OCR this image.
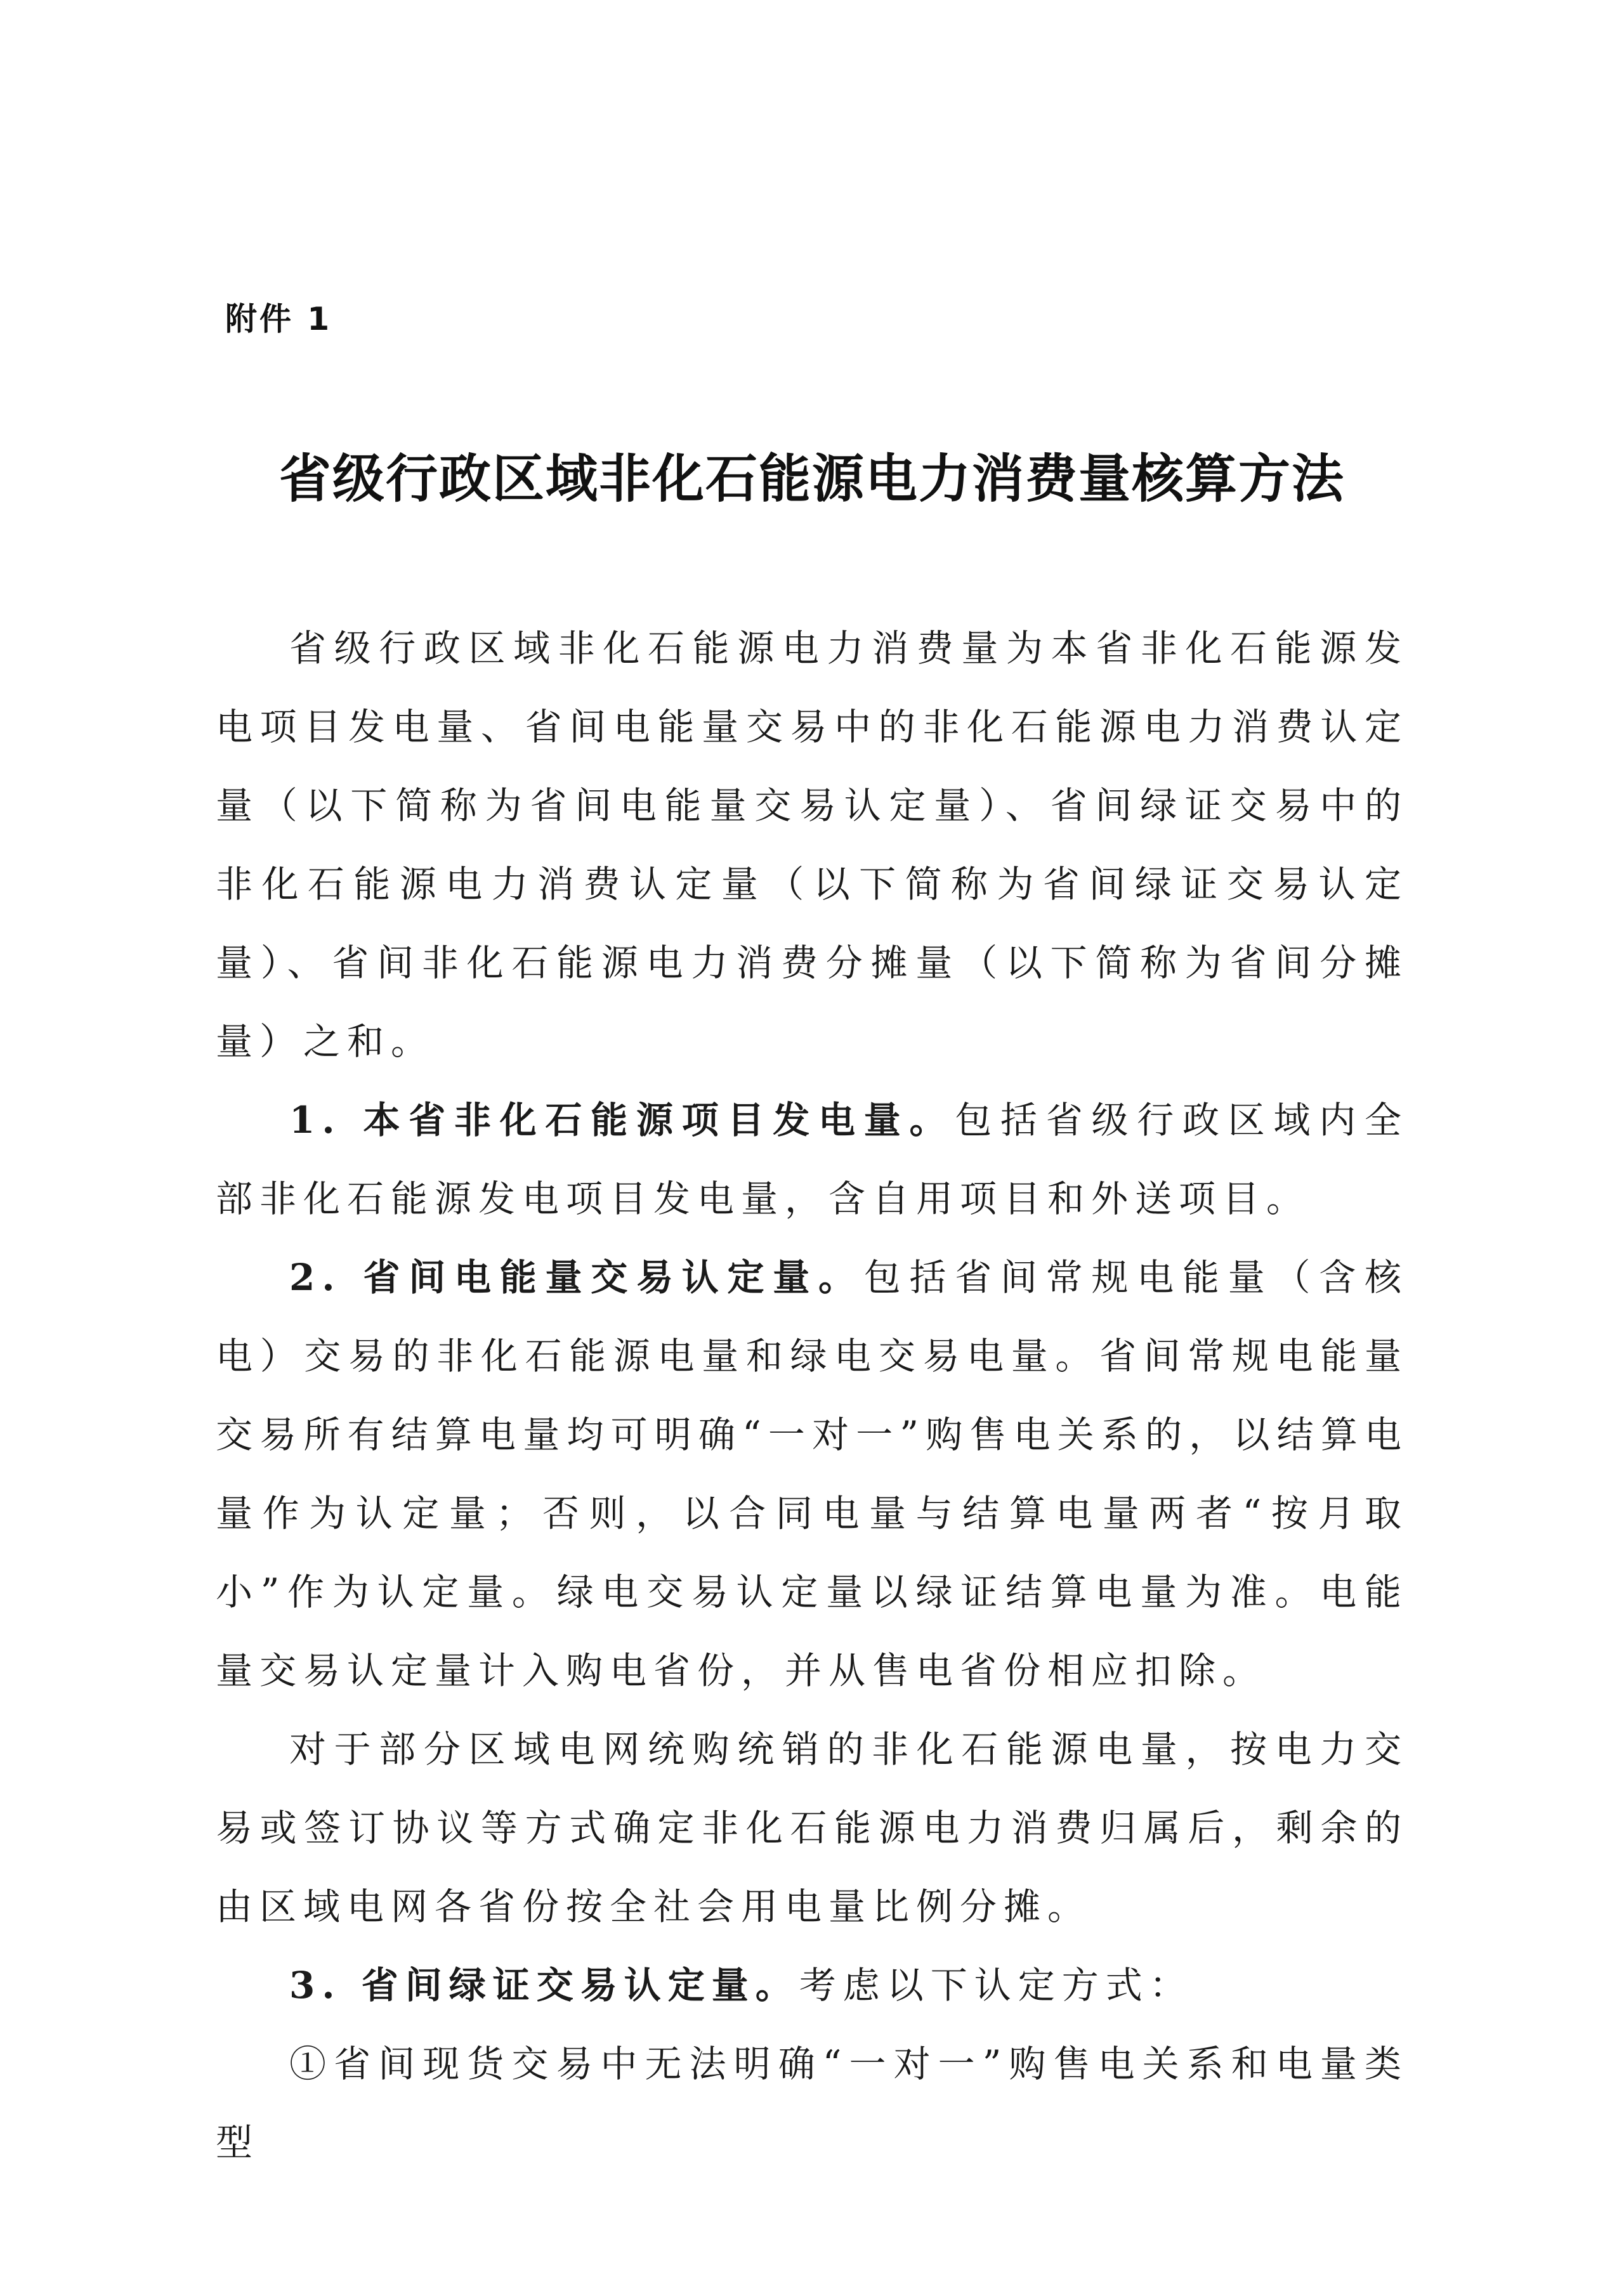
附件 1
省级行政区域非化石能源电力消费量核算方法

省级行政区域非化石能源电力消费量为本省非化石能源发电项目发电量、省间电能量交易中的非化石能源电力消费认定量（以下简称为省间电能量交易认定量）、省间绿证交易中的非化石能源电力消费认定量（以下简称为省间绿证交易认定量）、省间非化石能源电力消费分摊量（以下简称为省间分摊量）之和。

1. 本省非化石能源项目发电量。包括省级行政区域内全部非化石能源发电项目发电量，含自用项目和外送项目。

2. 省间电能量交易认定量。包括省间常规电能量（含核电）交易的非化石能源电量和绿电交易电量。省间常规电能量交易所有结算电量均可明确“一对一”购售电关系的，以结算电量作为认定量；否则，以合同电量与结算电量两者“按月取小”作为认定量。绿电交易认定量以绿证结算电量为准。电能量交易认定量计入购电省份，并从售电省份相应扣除。

对于部分区域电网统购统销的非化石能源电量，按电力交易或签订协议等方式确定非化石能源电力消费归属后，剩余的由区域电网各省份按全社会用电量比例分摊。

3. 省间绿证交易认定量。考虑以下认定方式：

①省间现货交易中无法明确“一对一”购售电关系和电量类型
